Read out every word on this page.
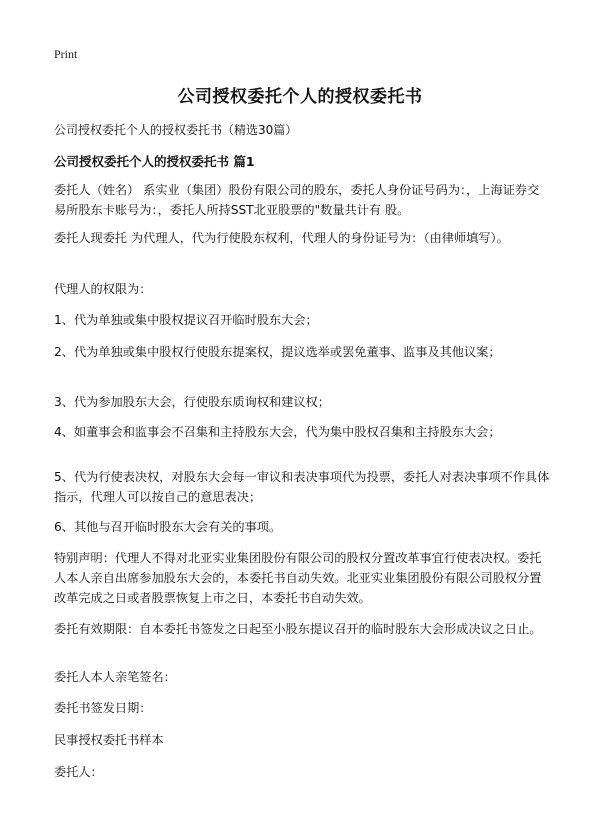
Print
公司授权委托个人的授权委托书
公司授权委托个人的授权委托书（精选30篇）
公司授权委托个人的授权委托书 篇1
委托人（姓名） 系实业（集团）股份有限公司的股东，委托人身份证号码为：，上海证券交易所股东卡账号为：，委托人所持SST北亚股票的"数量共计有 股。
委托人现委托 为代理人，代为行使股东权利，代理人的身份证号为：（由律师填写）。
代理人的权限为：
1、代为单独或集中股权提议召开临时股东大会；
2、代为单独或集中股权行使股东提案权，提议选举或罢免董事、监事及其他议案；
3、代为参加股东大会，行使股东质询权和建议权；
4、如董事会和监事会不召集和主持股东大会，代为集中股权召集和主持股东大会；
5、代为行使表决权，对股东大会每一审议和表决事项代为投票，委托人对表决事项不作具体指示，代理人可以按自己的意思表决；
6、其他与召开临时股东大会有关的事项。
特别声明：代理人不得对北亚实业集团股份有限公司的股权分置改革事宜行使表决权。委托人本人亲自出席参加股东大会的，本委托书自动失效。北亚实业集团股份有限公司股权分置改革完成之日或者股票恢复上市之日，本委托书自动失效。
委托有效期限：自本委托书签发之日起至小股东提议召开的临时股东大会形成决议之日止。
委托人本人亲笔签名：
委托书签发日期：
民事授权委托书样本
委托人：
